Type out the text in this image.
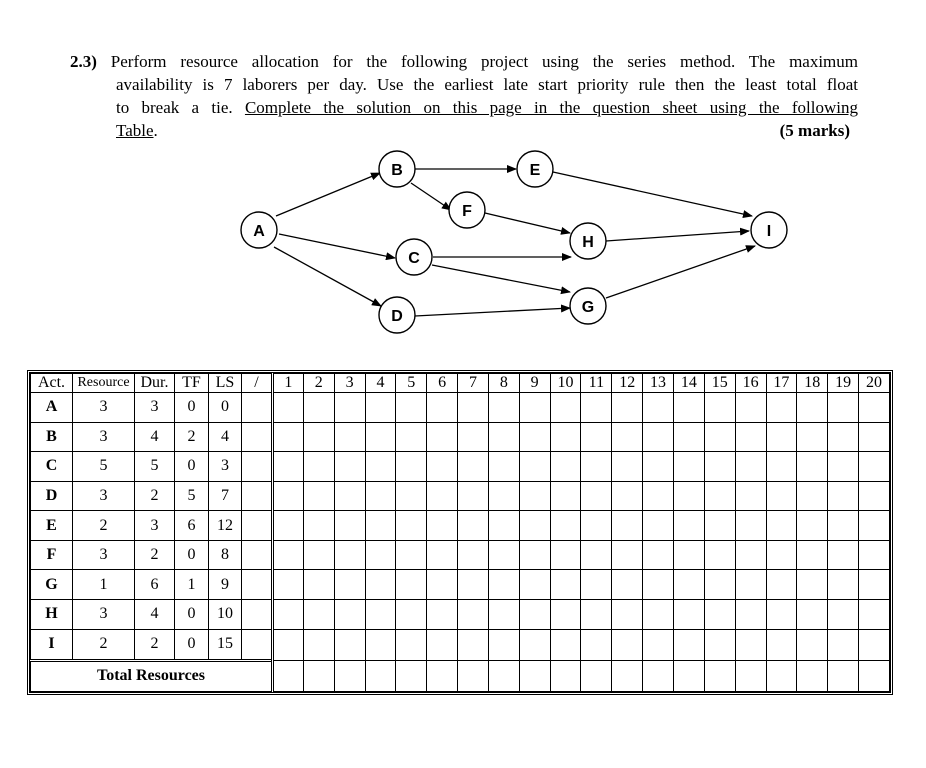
2.3) Perform resource allocation for the following project using the series method. The maximum
availability is 7 laborers per day. Use the earliest late start priority rule then the least total float
to break a tie. Complete the solution on this page in the question sheet using the following
Table.	(5 marks)
A
B
C
D
E
F
G
H
I
Act.	Resource	Dur.	TF	LS	/	1	2	3	4	5	6	7	8	9	10	11	12	13	14	15	16	17	18	19	20
A	3	3	0	0																					
B	3	4	2	4																					
C	5	5	0	3																					
D	3	2	5	7																					
E	2	3	6	12																					
F	3	2	0	8																					
G	1	6	1	9																					
H	3	4	0	10																					
I	2	2	0	15																					
Total Resources																									
